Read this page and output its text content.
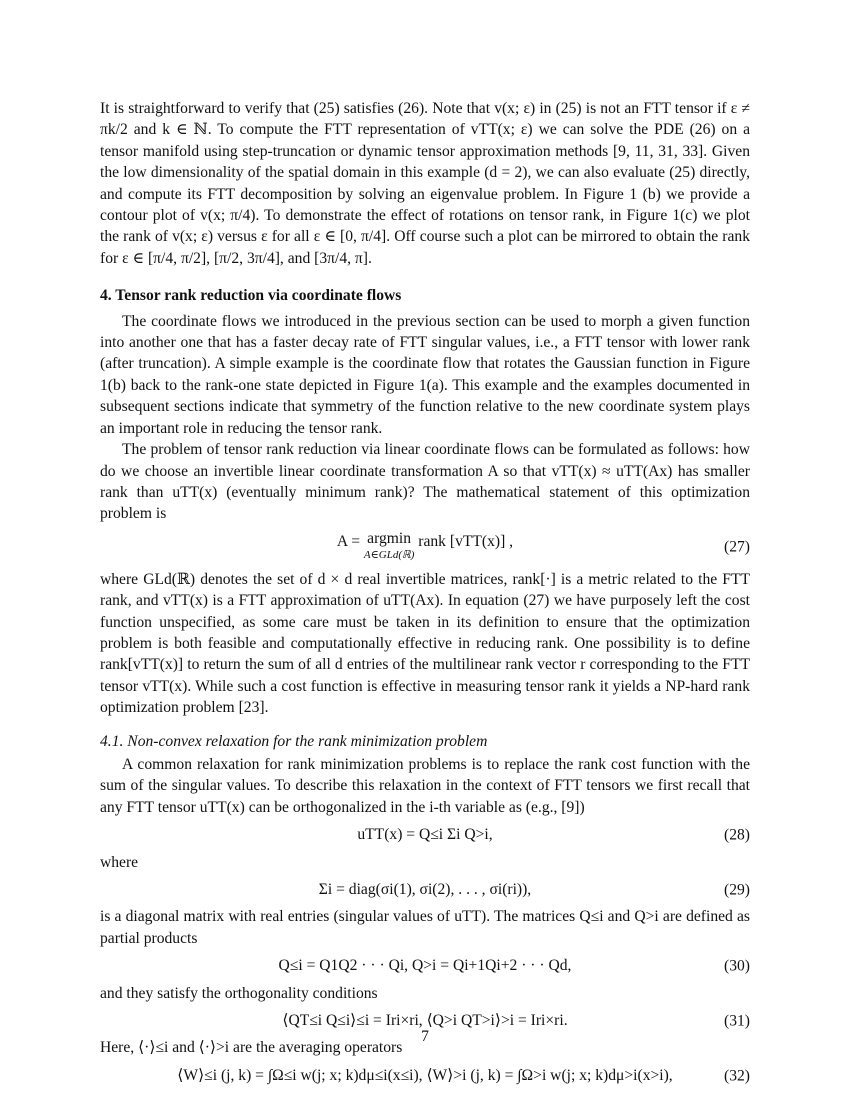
It is straightforward to verify that (25) satisfies (26). Note that v(x; ε) in (25) is not an FTT tensor if ε ≠ πk/2 and k ∈ ℕ. To compute the FTT representation of vTT(x; ε) we can solve the PDE (26) on a tensor manifold using step-truncation or dynamic tensor approximation methods [9, 11, 31, 33]. Given the low dimensionality of the spatial domain in this example (d = 2), we can also evaluate (25) directly, and compute its FTT decomposition by solving an eigenvalue problem. In Figure 1 (b) we provide a contour plot of v(x; π/4). To demonstrate the effect of rotations on tensor rank, in Figure 1(c) we plot the rank of v(x; ε) versus ε for all ε ∈ [0, π/4]. Off course such a plot can be mirrored to obtain the rank for ε ∈ [π/4, π/2], [π/2, 3π/4], and [3π/4, π].

4. Tensor rank reduction via coordinate flows

The coordinate flows we introduced in the previous section can be used to morph a given function into another one that has a faster decay rate of FTT singular values, i.e., a FTT tensor with lower rank (after truncation). A simple example is the coordinate flow that rotates the Gaussian function in Figure 1(b) back to the rank-one state depicted in Figure 1(a). This example and the examples documented in subsequent sections indicate that symmetry of the function relative to the new coordinate system plays an important role in reducing the tensor rank.

The problem of tensor rank reduction via linear coordinate flows can be formulated as follows: how do we choose an invertible linear coordinate transformation A so that vTT(x) ≈ uTT(Ax) has smaller rank than uTT(x) (eventually minimum rank)? The mathematical statement of this optimization problem is

A = argmin
A∈GLd(ℝ)
rank [vTT(x)] ,	(27)

where GLd(ℝ) denotes the set of d × d real invertible matrices, rank[·] is a metric related to the FTT rank, and vTT(x) is a FTT approximation of uTT(Ax). In equation (27) we have purposely left the cost function unspecified, as some care must be taken in its definition to ensure that the optimization problem is both feasible and computationally effective in reducing rank. One possibility is to define rank[vTT(x)] to return the sum of all d entries of the multilinear rank vector r corresponding to the FTT tensor vTT(x). While such a cost function is effective in measuring tensor rank it yields a NP-hard rank optimization problem [23].

4.1. Non-convex relaxation for the rank minimization problem

A common relaxation for rank minimization problems is to replace the rank cost function with the sum of the singular values. To describe this relaxation in the context of FTT tensors we first recall that any FTT tensor uTT(x) can be orthogonalized in the i-th variable as (e.g., [9])

uTT(x) = Q≤i Σi Q>i,	(28)

where

Σi = diag(σi(1), σi(2), . . . , σi(ri)),	(29)

is a diagonal matrix with real entries (singular values of uTT). The matrices Q≤i and Q>i are defined as partial products

Q≤i = Q1Q2 · · · Qi, Q>i = Qi+1Qi+2 · · · Qd,	(30)

and they satisfy the orthogonality conditions

⟨QT≤i Q≤i⟩≤i = Iri×ri, ⟨Q>i QT>i⟩>i = Iri×ri.	(31)

Here, ⟨·⟩≤i and ⟨·⟩>i are the averaging operators

⟨W⟩≤i (j, k) = ∫Ω≤i w(j; x; k)dμ≤i(x≤i), ⟨W⟩>i (j, k) = ∫Ω>i w(j; x; k)dμ>i(x>i),	(32)
7
